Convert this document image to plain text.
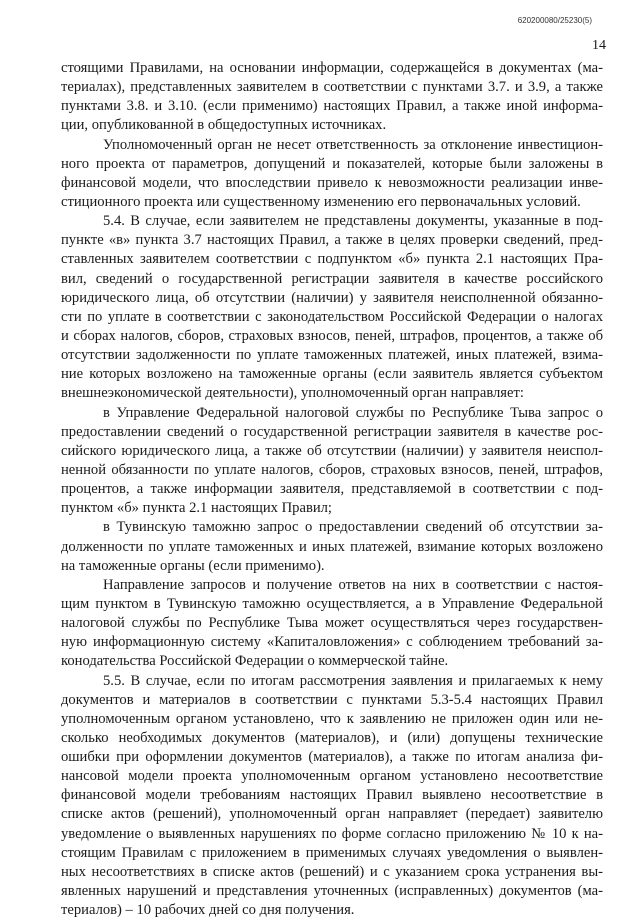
620200080/25230(5)
14
стоящими Правилами, на основании информации, содержащейся в документах (ма-
териалах), представленных заявителем в соответствии с пунктами 3.7. и 3.9, а также
пунктами 3.8. и 3.10. (если применимо) настоящих Правил, а также иной информа-
ции, опубликованной в общедоступных источниках.
Уполномоченный орган не несет ответственность за отклонение инвестицион-
ного проекта от параметров, допущений и показателей, которые были заложены в
финансовой модели, что впоследствии привело к невозможности реализации инве-
стиционного проекта или существенному изменению его первоначальных условий.
5.4. В случае, если заявителем не представлены документы, указанные в под-
пункте «в» пункта 3.7 настоящих Правил, а также в целях проверки сведений, пред-
ставленных заявителем соответствии с подпунктом «б» пункта 2.1 настоящих Пра-
вил, сведений о государственной регистрации заявителя в качестве российского
юридического лица, об отсутствии (наличии) у заявителя неисполненной обязанно-
сти по уплате в соответствии с законодательством Российской Федерации о налогах
и сборах налогов, сборов, страховых взносов, пеней, штрафов, процентов, а также об
отсутствии задолженности по уплате таможенных платежей, иных платежей, взима-
ние которых возложено на таможенные органы (если заявитель является субъектом
внешнеэкономической деятельности), уполномоченный орган направляет:
в Управление Федеральной налоговой службы по Республике Тыва запрос о
предоставлении сведений о государственной регистрации заявителя в качестве рос-
сийского юридического лица, а также об отсутствии (наличии) у заявителя неиспол-
ненной обязанности по уплате налогов, сборов, страховых взносов, пеней, штрафов,
процентов, а также информации заявителя, представляемой в соответствии с под-
пунктом «б» пункта 2.1 настоящих Правил;
в Тувинскую таможню запрос о предоставлении сведений об отсутствии за-
долженности по уплате таможенных и иных платежей, взимание которых возложено
на таможенные органы (если применимо).
Направление запросов и получение ответов на них в соответствии с настоя-
щим пунктом в Тувинскую таможню осуществляется, а в Управление Федеральной
налоговой службы по Республике Тыва может осуществляться через государствен-
ную информационную систему «Капиталовложения» с соблюдением требований за-
конодательства Российской Федерации о коммерческой тайне.
5.5. В случае, если по итогам рассмотрения заявления и прилагаемых к нему
документов и материалов в соответствии с пунктами 5.3-5.4 настоящих Правил
уполномоченным органом установлено, что к заявлению не приложен один или не-
сколько необходимых документов (материалов), и (или) допущены технические
ошибки при оформлении документов (материалов), а также по итогам анализа фи-
нансовой модели проекта уполномоченным органом установлено несоответствие
финансовой модели требованиям настоящих Правил выявлено несоответствие в
списке актов (решений), уполномоченный орган направляет (передает) заявителю
уведомление о выявленных нарушениях по форме согласно приложению № 10 к на-
стоящим Правилам с приложением в применимых случаях уведомления о выявлен-
ных несоответствиях в списке актов (решений) и с указанием срока устранения вы-
явленных нарушений и представления уточненных (исправленных) документов (ма-
териалов) – 10 рабочих дней со дня получения.
